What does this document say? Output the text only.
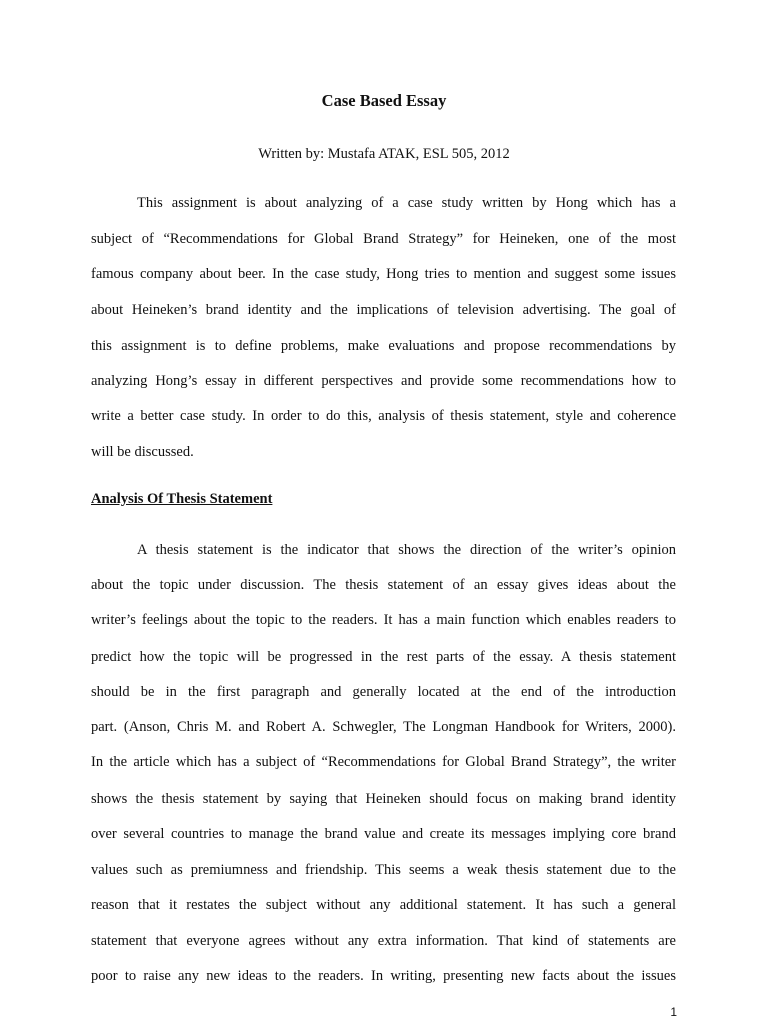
Case Based Essay
Written by: Mustafa ATAK, ESL 505, 2012
This assignment is about analyzing of a case study written by Hong which has a
subject of “Recommendations for Global Brand Strategy” for Heineken, one of the most
famous company about beer. In the case study, Hong tries to mention and suggest some issues
about Heineken’s brand identity and the implications of television advertising. The goal of
this assignment is to define problems, make evaluations and propose recommendations by
analyzing Hong’s essay in different perspectives and provide some recommendations how to
write a better case study. In order to do this, analysis of thesis statement, style and coherence
will be discussed.
Analysis Of Thesis Statement
A thesis statement is the indicator that shows the direction of the writer’s opinion
about the topic under discussion. The thesis statement of an essay gives ideas about the
writer’s feelings about the topic to the readers. It has a main function which enables readers to
predict how the topic will be progressed in the rest parts of the essay. A thesis statement
should be in the first paragraph and generally located at the end of the introduction
part. (Anson, Chris M. and Robert A. Schwegler, The Longman Handbook for Writers, 2000).
In the article which has a subject of “Recommendations for Global Brand Strategy”, the writer
shows the thesis statement by saying that Heineken should focus on making brand identity
over several countries to manage the brand value and create its messages implying core brand
values such as premiumness and friendship. This seems a weak thesis statement due to the
reason that it restates the subject without any additional statement. It has such a general
statement that everyone agrees without any extra information. That kind of statements are
poor to raise any new ideas to the readers. In writing, presenting new facts about the issues
1
